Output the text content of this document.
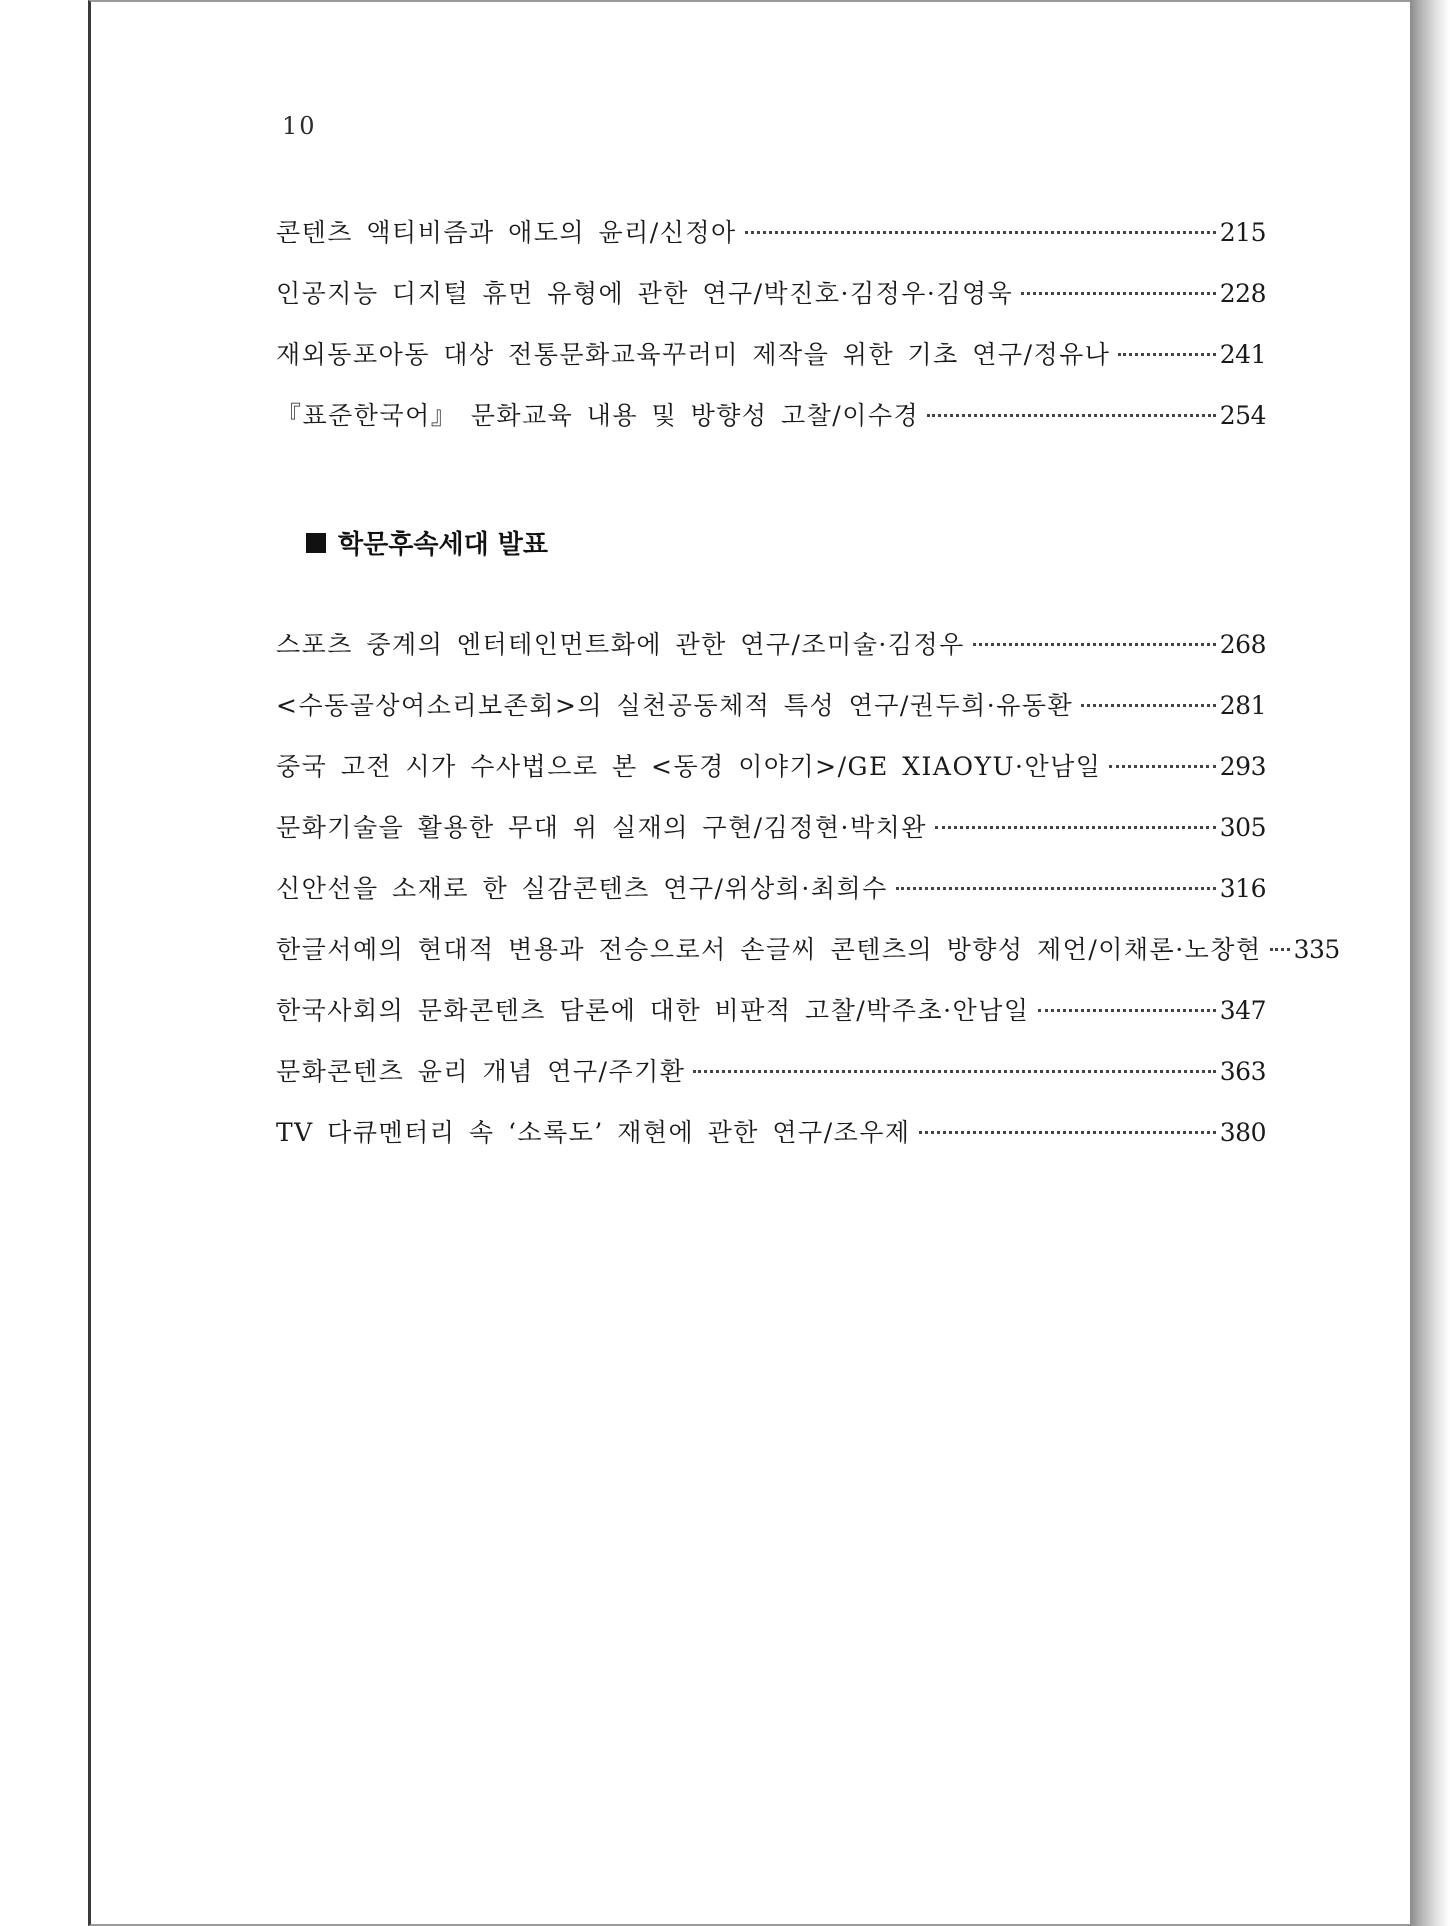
10
콘텐츠 액티비즘과 애도의 윤리/신정아	215
인공지능 디지털 휴먼 유형에 관한 연구/박진호·김정우·김영욱	228
재외동포아동 대상 전통문화교육꾸러미 제작을 위한 기초 연구/정유나	241
『표준한국어』 문화교육 내용 및 방향성 고찰/이수경	254
학문후속세대 발표
스포츠 중계의 엔터테인먼트화에 관한 연구/조미술·김정우	268
<수동골상여소리보존회>의 실천공동체적 특성 연구/권두희·유동환	281
중국 고전 시가 수사법으로 본 <동경 이야기>/GE XIAOYU·안남일	293
문화기술을 활용한 무대 위 실재의 구현/김정현·박치완	305
신안선을 소재로 한 실감콘텐츠 연구/위상희·최희수	316
한글서예의 현대적 변용과 전승으로서 손글씨 콘텐츠의 방향성 제언/이채론·노창현 335
한국사회의 문화콘텐츠 담론에 대한 비판적 고찰/박주초·안남일	347
문화콘텐츠 윤리 개념 연구/주기환	363
TV 다큐멘터리 속 ‘소록도’ 재현에 관한 연구/조우제	380
